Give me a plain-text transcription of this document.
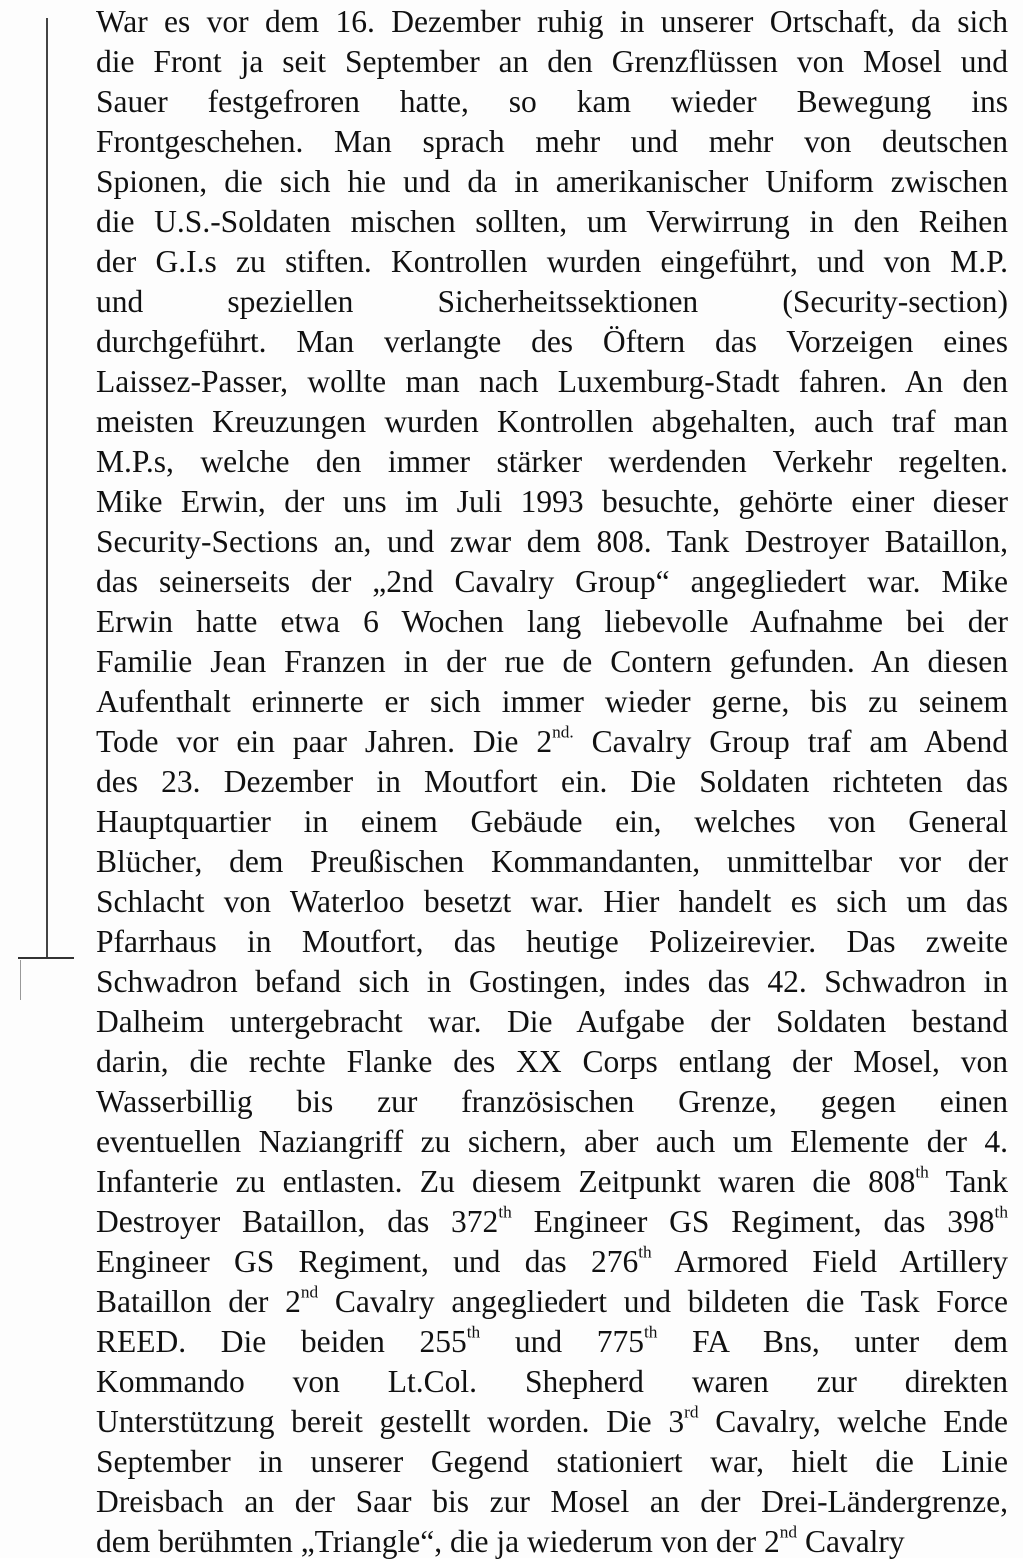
War es vor dem 16. Dezember ruhig in unserer Ortschaft, da sich
die Front ja seit September an den Grenzflüssen von Mosel und
Sauer festgefroren hatte, so kam wieder Bewegung ins
Frontgeschehen. Man sprach mehr und mehr von deutschen
Spionen, die sich hie und da in amerikanischer Uniform zwischen
die U.S.-Soldaten mischen sollten, um Verwirrung in den Reihen
der G.I.s zu stiften. Kontrollen wurden eingeführt, und von M.P.
und speziellen Sicherheitssektionen (Security-section)
durchgeführt. Man verlangte des Öftern das Vorzeigen eines
Laissez-Passer, wollte man nach Luxemburg-Stadt fahren. An den
meisten Kreuzungen wurden Kontrollen abgehalten, auch traf man
M.P.s, welche den immer stärker werdenden Verkehr regelten.
Mike Erwin, der uns im Juli 1993 besuchte, gehörte einer dieser
Security-Sections an, und zwar dem 808. Tank Destroyer Bataillon,
das seinerseits der „2nd Cavalry Group“ angegliedert war. Mike
Erwin hatte etwa 6 Wochen lang liebevolle Aufnahme bei der
Familie Jean Franzen in der rue de Contern gefunden. An diesen
Aufenthalt erinnerte er sich immer wieder gerne, bis zu seinem
Tode vor ein paar Jahren. Die $2^{nd.}$ Cavalry Group traf am Abend
des 23. Dezember in Moutfort ein. Die Soldaten richteten das
Hauptquartier in einem Gebäude ein, welches von General
Blücher, dem Preußischen Kommandanten, unmittelbar vor der
Schlacht von Waterloo besetzt war. Hier handelt es sich um das
Pfarrhaus in Moutfort, das heutige Polizeirevier. Das zweite
Schwadron befand sich in Gostingen, indes das 42. Schwadron in
Dalheim untergebracht war. Die Aufgabe der Soldaten bestand
darin, die rechte Flanke des XX Corps entlang der Mosel, von
Wasserbillig bis zur französischen Grenze, gegen einen
eventuellen Naziangriff zu sichern, aber auch um Elemente der 4.
Infanterie zu entlasten. Zu diesem Zeitpunkt waren die 808th Tank
Destroyer Bataillon, das 372th Engineer GS Regiment, das 398th
Engineer GS Regiment, und das 276th Armored Field Artillery
Bataillon der 2nd Cavalry angegliedert und bildeten die Task Force
REED. Die beiden 255th und 775th FA Bns, unter dem
Kommando von Lt.Col. Shepherd waren zur direkten
Unterstützung bereit gestellt worden. Die 3rd Cavalry, welche Ende
September in unserer Gegend stationiert war, hielt die Linie
Dreisbach an der Saar bis zur Mosel an der Drei-Ländergrenze,
dem berühmten „Triangle“, die ja wiederum von der 2nd Cavalry
